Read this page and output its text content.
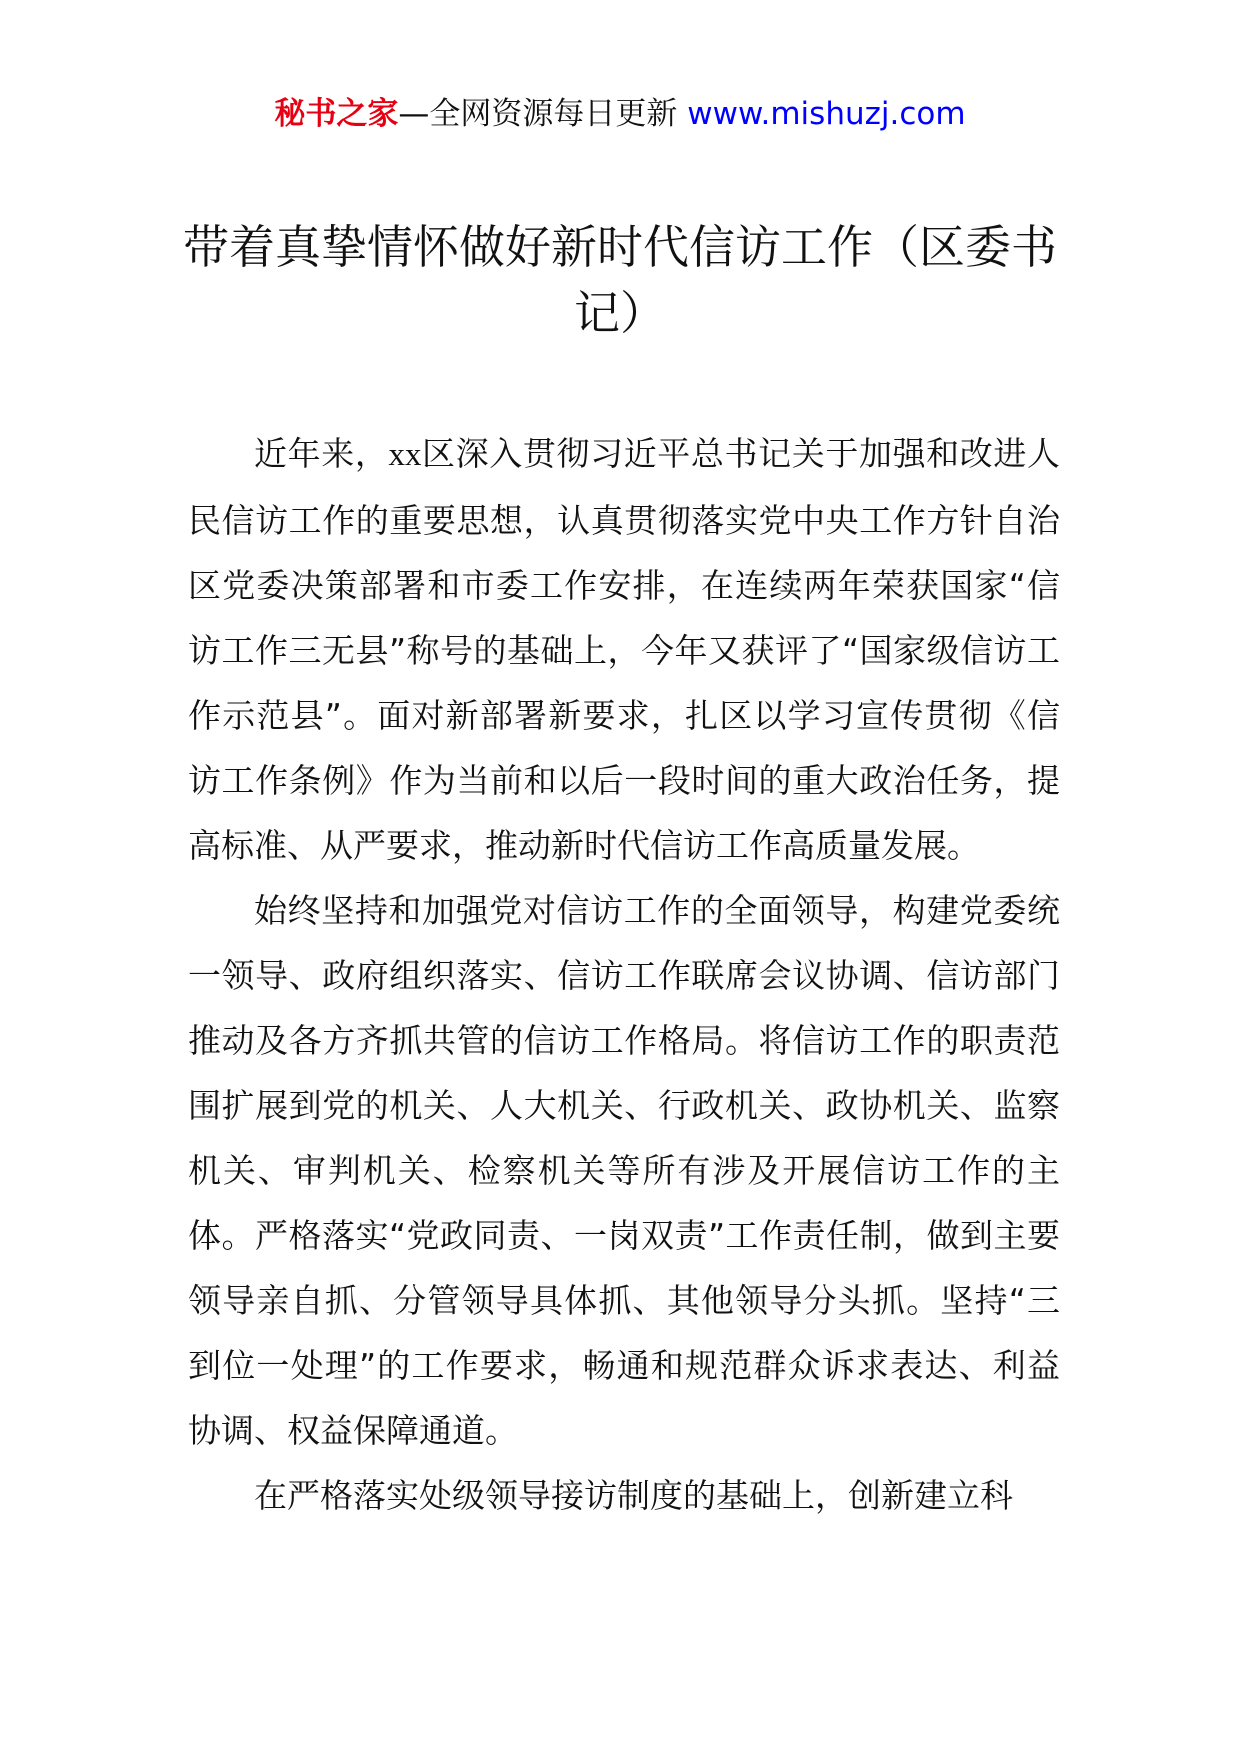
秘书之家—全网资源每日更新 www.mishuzj.com
带着真挚情怀做好新时代信访工作（区委书记）

近年来，xx区深入贯彻习近平总书记关于加强和改进人民信访工作的重要思想，认真贯彻落实党中央工作方针自治区党委决策部署和市委工作安排，在连续两年荣获国家“信访工作三无县”称号的基础上，今年又获评了“国家级信访工作示范县”。面对新部署新要求，扎区以学习宣传贯彻《信访工作条例》作为当前和以后一段时间的重大政治任务，提高标准、从严要求，推动新时代信访工作高质量发展。

始终坚持和加强党对信访工作的全面领导，构建党委统一领导、政府组织落实、信访工作联席会议协调、信访部门推动及各方齐抓共管的信访工作格局。将信访工作的职责范围扩展到党的机关、人大机关、行政机关、政协机关、监察机关、审判机关、检察机关等所有涉及开展信访工作的主体。严格落实“党政同责、一岗双责”工作责任制，做到主要领导亲自抓、分管领导具体抓、其他领导分头抓。坚持“三到位一处理”的工作要求，畅通和规范群众诉求表达、利益协调、权益保障通道。

在严格落实处级领导接访制度的基础上，创新建立科
